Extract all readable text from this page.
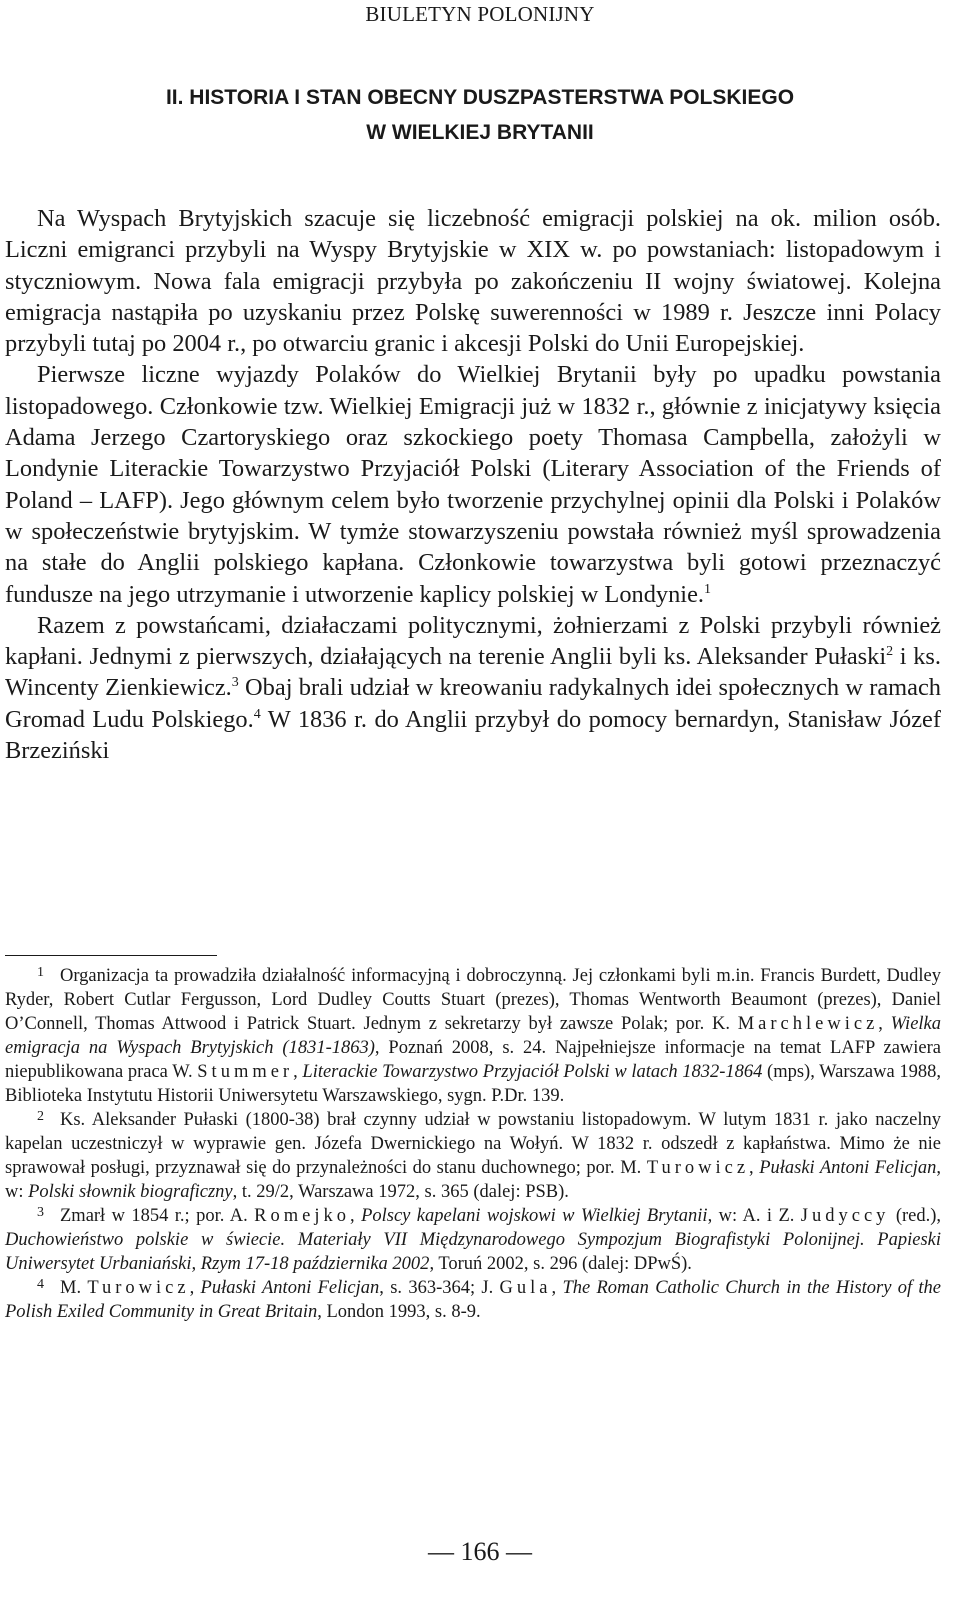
BIULETYN POLONIJNY
II. HISTORIA I STAN OBECNY DUSZPASTERSTWA POLSKIEGO
W WIELKIEJ BRYTANII

Na Wyspach Brytyjskich szacuje się liczebność emigracji polskiej na ok. milion osób. Liczni emigranci przybyli na Wyspy Brytyjskie w XIX w. po powstaniach: listopadowym i styczniowym. Nowa fala emigracji przybyła po zakończeniu II wojny światowej. Kolejna emigracja nastąpiła po uzyskaniu przez Polskę suwerenności w 1989 r. Jeszcze inni Polacy przybyli tutaj po 2004 r., po otwarciu granic i akcesji Polski do Unii Europejskiej.

Pierwsze liczne wyjazdy Polaków do Wielkiej Brytanii były po upadku powstania listopadowego. Członkowie tzw. Wielkiej Emigracji już w 1832 r., głównie z inicjatywy księcia Adama Jerzego Czartoryskiego oraz szkockiego poety Thomasa Campbella, założyli w Londynie Literackie Towarzystwo Przyjaciół Polski (Literary Association of the Friends of Poland – LAFP). Jego głównym celem było tworzenie przychylnej opinii dla Polski i Polaków w społeczeństwie brytyjskim. W tymże stowarzyszeniu powstała również myśl sprowadzenia na stałe do Anglii polskiego kapłana. Członkowie towarzystwa byli gotowi przeznaczyć fundusze na jego utrzymanie i utworzenie kaplicy polskiej w Londynie.$^1$

Razem z powstańcami, działaczami politycznymi, żołnierzami z Polski przybyli również kapłani. Jednymi z pierwszych, działających na terenie Anglii byli ks. Aleksander Pułaski$^2$ i ks. Wincenty Zienkiewicz.$^3$ Obaj brali udział w kreowaniu radykalnych idei społecznych w ramach Gromad Ludu Polskiego.$^4$ W 1836 r. do Anglii przybył do pomocy bernardyn, Stanisław Józef Brzeziński

$^1$ Organizacja ta prowadziła działalność informacyjną i dobroczynną. Jej członkami byli m.in. Francis Burdett, Dudley Ryder, Robert Cutlar Fergusson, Lord Dudley Coutts Stuart (prezes), Thomas Wentworth Beaumont (prezes), Daniel O’Connell, Thomas Attwood i Patrick Stuart. Jednym z sekretarzy był zawsze Polak; por. K. Marchlewicz, Wielka emigracja na Wyspach Brytyjskich (1831-1863), Poznań 2008, s. 24. Najpełniejsze informacje na temat LAFP zawiera niepublikowana praca W. Stummer, Literackie Towarzystwo Przyjaciół Polski w latach 1832-1864 (mps), Warszawa 1988, Biblioteka Instytutu Historii Uniwersytetu Warszawskiego, sygn. P.Dr. 139.

$^2$ Ks. Aleksander Pułaski (1800-38) brał czynny udział w powstaniu listopadowym. W lutym 1831 r. jako naczelny kapelan uczestniczył w wyprawie gen. Józefa Dwernickiego na Wołyń. W 1832 r. odszedł z kapłaństwa. Mimo że nie sprawował posługi, przyznawał się do przynależności do stanu duchownego; por. M. Turowicz, Pułaski Antoni Felicjan, w: Polski słownik biograficzny, t. 29/2, Warszawa 1972, s. 365 (dalej: PSB).

$^3$ Zmarł w 1854 r.; por. A. Romejko, Polscy kapelani wojskowi w Wielkiej Brytanii, w: A. i Z. Judyccy (red.), Duchowieństwo polskie w świecie. Materiały VII Międzynarodowego Sympozjum Biografistyki Polonijnej. Papieski Uniwersytet Urbaniański, Rzym 17-18 października 2002, Toruń 2002, s. 296 (dalej: DPwŚ).

$^4$ M. Turowicz, Pułaski Antoni Felicjan, s. 363-364; J. Gula, The Roman Catholic Church in the History of the Polish Exiled Community in Great Britain, London 1993, s. 8-9.

— 166 —
